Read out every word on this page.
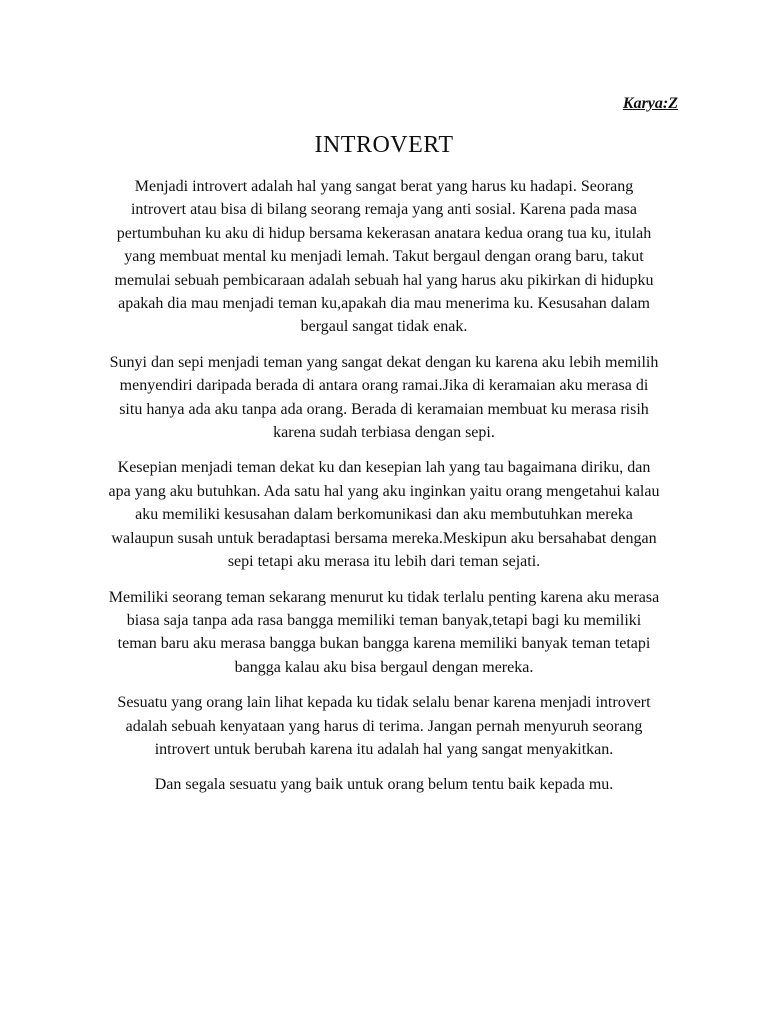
Karya:Z
INTROVERT

Menjadi introvert adalah hal yang sangat berat yang harus ku hadapi. Seorang
introvert atau bisa di bilang seorang remaja yang anti sosial. Karena pada masa
pertumbuhan ku aku di hidup bersama kekerasan anatara kedua orang tua ku, itulah
yang membuat mental ku menjadi lemah. Takut bergaul dengan orang baru, takut
memulai sebuah pembicaraan adalah sebuah hal yang harus aku pikirkan di hidupku
apakah dia mau menjadi teman ku,apakah dia mau menerima ku. Kesusahan dalam
bergaul sangat tidak enak.

Sunyi dan sepi menjadi teman yang sangat dekat dengan ku karena aku lebih memilih
menyendiri daripada berada di antara orang ramai.Jika di keramaian aku merasa di
situ hanya ada aku tanpa ada orang. Berada di keramaian membuat ku merasa risih
karena sudah terbiasa dengan sepi.

Kesepian menjadi teman dekat ku dan kesepian lah yang tau bagaimana diriku, dan
apa yang aku butuhkan. Ada satu hal yang aku inginkan yaitu orang mengetahui kalau
aku memiliki kesusahan dalam berkomunikasi dan aku membutuhkan mereka
walaupun susah untuk beradaptasi bersama mereka.Meskipun aku bersahabat dengan
sepi tetapi aku merasa itu lebih dari teman sejati.

Memiliki seorang teman sekarang menurut ku tidak terlalu penting karena aku merasa
biasa saja tanpa ada rasa bangga memiliki teman banyak,tetapi bagi ku memiliki
teman baru aku merasa bangga bukan bangga karena memiliki banyak teman tetapi
bangga kalau aku bisa bergaul dengan mereka.

Sesuatu yang orang lain lihat kepada ku tidak selalu benar karena menjadi introvert
adalah sebuah kenyataan yang harus di terima. Jangan pernah menyuruh seorang
introvert untuk berubah karena itu adalah hal yang sangat menyakitkan.

Dan segala sesuatu yang baik untuk orang belum tentu baik kepada mu.
